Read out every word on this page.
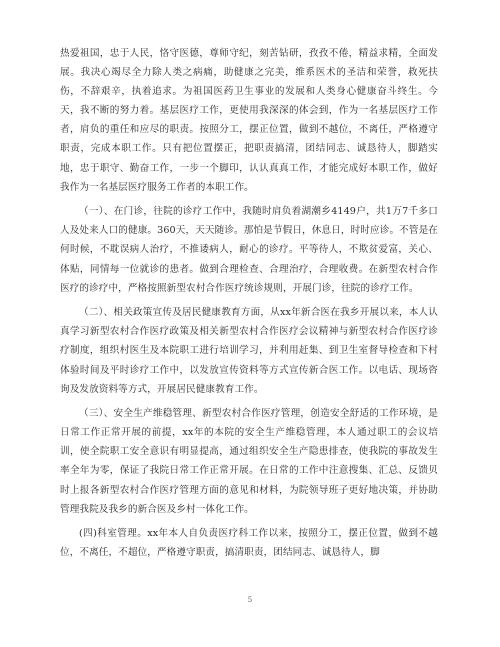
热爱祖国，忠于人民，恪守医德，尊师守纪，刻苦钻研，孜孜不倦，精益求精，全面发展。我决心竭尽全力除人类之病痛，助健康之完美，维系医术的圣洁和荣誉，救死扶伤，不辞艰辛，执着追求。为祖国医药卫生事业的发展和人类身心健康奋斗终生。今天，我不断的努力着。基层医疗工作，更使用我深深的体会到，作为一名基层医疗工作者，肩负的重任和应尽的职责。按照分工，摆正位置，做到不越位，不离任，严格遵守职责，完成本职工作。只有把位置摆正，把职责搞清，团结同志、诚恳待人，脚踏实地，忠于职守、勤奋工作，一步一个脚印，认认真真工作，才能完成好本职工作，做好我作为一名基层医疗服务工作者的本职工作。

（一）、在门诊，往院的诊疗工作中，我随时肩负着湖潮乡4149户，共1万7千多口人及处来人口的健康。360天，天天随诊。那怕是节假日，休息日，时时应诊。不管是在何时候，不耽误病人治疗，不推诿病人，耐心的诊疗。平等待人，不欺贫爱富，关心、体贴，同情每一位就诊的患者。做到合理检查、合理治疗，合理收费。在新型农村合作医疗的诊疗中，严格按照新型农村合作医疗统诊规则，开展门诊，往院的诊疗工作。

（二）、相关政策宣传及居民健康教育方面，从xx年新合医在我乡开展以来，本人认真学习新型农村合作医疗政策及相关新型农村合作医疗会议精神与新型农村合作医疗诊疗制度，组织村医生及本院职工进行培训学习，并利用赶集、到卫生室督导检查和下村体验时间及平时诊疗工作中，以发放宣传资料等方式宣传新合医工作。以电话、现场咨询及发放资料等方式，开展居民健康教育工作。

（三）、安全生产维稳管理、新型农村合作医疗管理，创造安全舒适的工作环境，是日常工作正常开展的前提，xx年的本院的安全生产维稳管理，本人通过职工的会议培训，使全院职工安全意识有明显提高，通过组织安全生产隐患排查，使我院的事故发生率全年为零，保证了我院日常工作正常开展。在日常的工作中注意搜集、汇总、反馈贝时上报各新型农村合作医疗管理方面的意见和材料，为院领导班子更好地决策，并协助管理我院及我乡的新合医及乡村一体化工作。

(四)科室管理。xx年本人自负责医疗科工作以来，按照分工，摆正位置，做到不越位，不离任，不超位，严格遵守职责，搞清职责，团结同志、诚恳待人，脚

5
